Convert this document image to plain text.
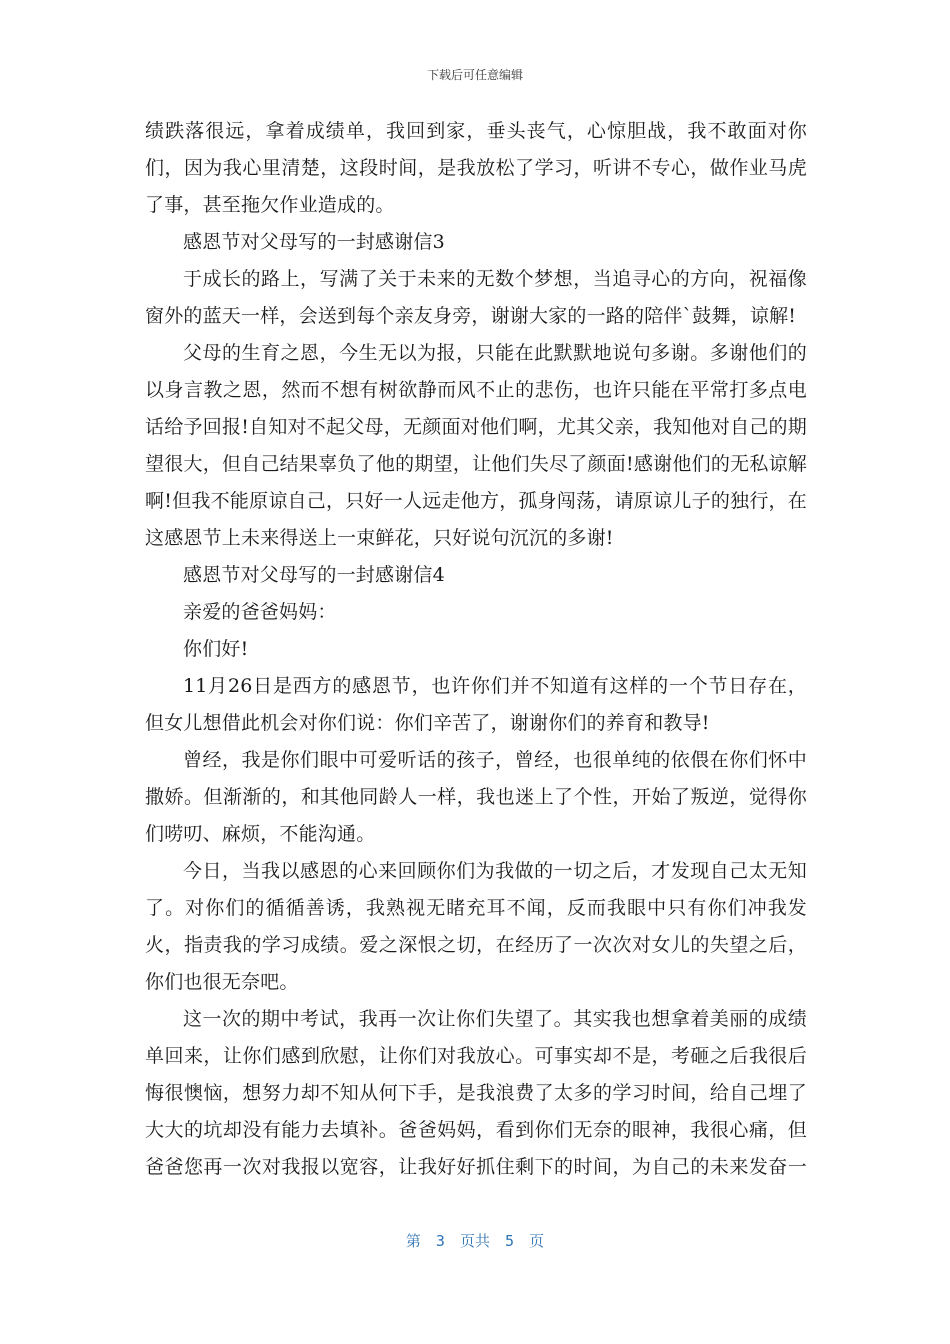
下载后可任意编辑

绩跌落很远，拿着成绩单，我回到家，垂头丧气，心惊胆战，我不敢面对你们，因为我心里清楚，这段时间，是我放松了学习，听讲不专心，做作业马虎了事，甚至拖欠作业造成的。

感恩节对父母写的一封感谢信3

于成长的路上，写满了关于未来的无数个梦想，当追寻心的方向，祝福像窗外的蓝天一样，会送到每个亲友身旁，谢谢大家的一路的陪伴`鼓舞，谅解!

父母的生育之恩，今生无以为报，只能在此默默地说句多谢。多谢他们的以身言教之恩，然而不想有树欲静而风不止的悲伤，也许只能在平常打多点电话给予回报!自知对不起父母，无颜面对他们啊，尤其父亲，我知他对自己的期望很大，但自己结果辜负了他的期望，让他们失尽了颜面!感谢他们的无私谅解啊!但我不能原谅自己，只好一人远走他方，孤身闯荡，请原谅儿子的独行，在这感恩节上未来得送上一束鲜花，只好说句沉沉的多谢!

感恩节对父母写的一封感谢信4

亲爱的爸爸妈妈：

你们好!

11月26日是西方的感恩节，也许你们并不知道有这样的一个节日存在，但女儿想借此机会对你们说：你们辛苦了，谢谢你们的养育和教导!

曾经，我是你们眼中可爱听话的孩子，曾经，也很单纯的依偎在你们怀中撒娇。但渐渐的，和其他同龄人一样，我也迷上了个性，开始了叛逆，觉得你们唠叨、麻烦，不能沟通。

今日，当我以感恩的心来回顾你们为我做的一切之后，才发现自己太无知了。对你们的循循善诱，我熟视无睹充耳不闻，反而我眼中只有你们冲我发火，指责我的学习成绩。爱之深恨之切，在经历了一次次对女儿的失望之后，你们也很无奈吧。

这一次的期中考试，我再一次让你们失望了。其实我也想拿着美丽的成绩单回来，让你们感到欣慰，让你们对我放心。可事实却不是，考砸之后我很后悔很懊恼，想努力却不知从何下手，是我浪费了太多的学习时间，给自己埋了大大的坑却没有能力去填补。爸爸妈妈，看到你们无奈的眼神，我很心痛，但爸爸您再一次对我报以宽容，让我好好抓住剩下的时间，为自己的未来发奋一

第 3 页共 5 页
